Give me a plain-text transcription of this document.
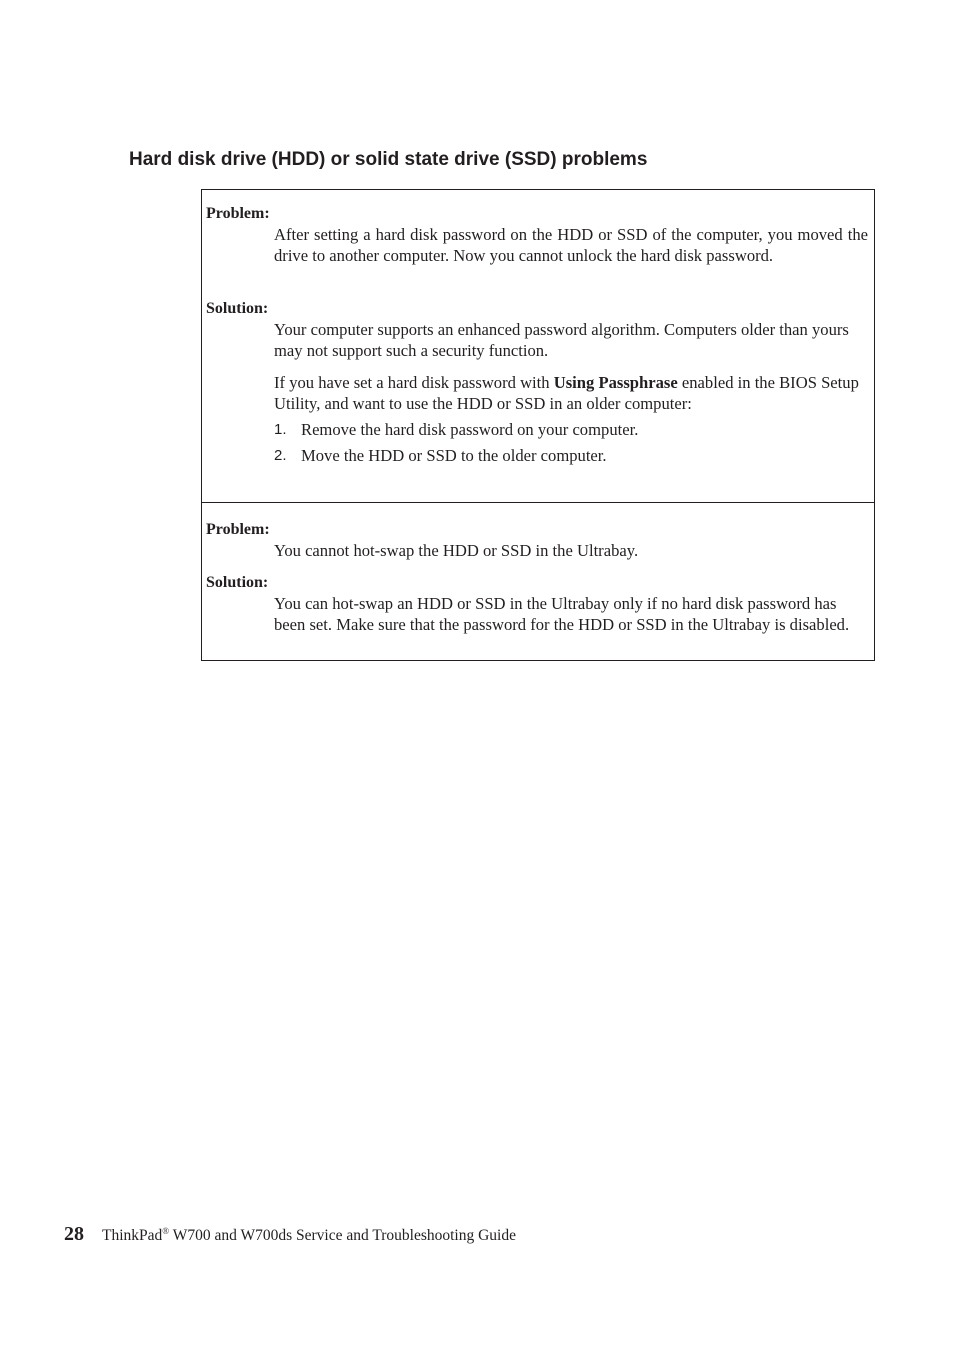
Hard disk drive (HDD) or solid state drive (SSD) problems
Problem:

After setting a hard disk password on the HDD or SSD of the computer, you moved the drive to another computer. Now you cannot unlock the hard disk password.

Solution:

Your computer supports an enhanced password algorithm. Computers older than yours may not support such a security function.

If you have set a hard disk password with Using Passphrase enabled in the BIOS Setup Utility, and want to use the HDD or SSD in an older computer:

1. Remove the hard disk password on your computer.
2. Move the HDD or SSD to the older computer.
Problem:

You cannot hot-swap the HDD or SSD in the Ultrabay.

Solution:

You can hot-swap an HDD or SSD in the Ultrabay only if no hard disk password has been set. Make sure that the password for the HDD or SSD in the Ultrabay is disabled.

28 ThinkPad® W700 and W700ds Service and Troubleshooting Guide
